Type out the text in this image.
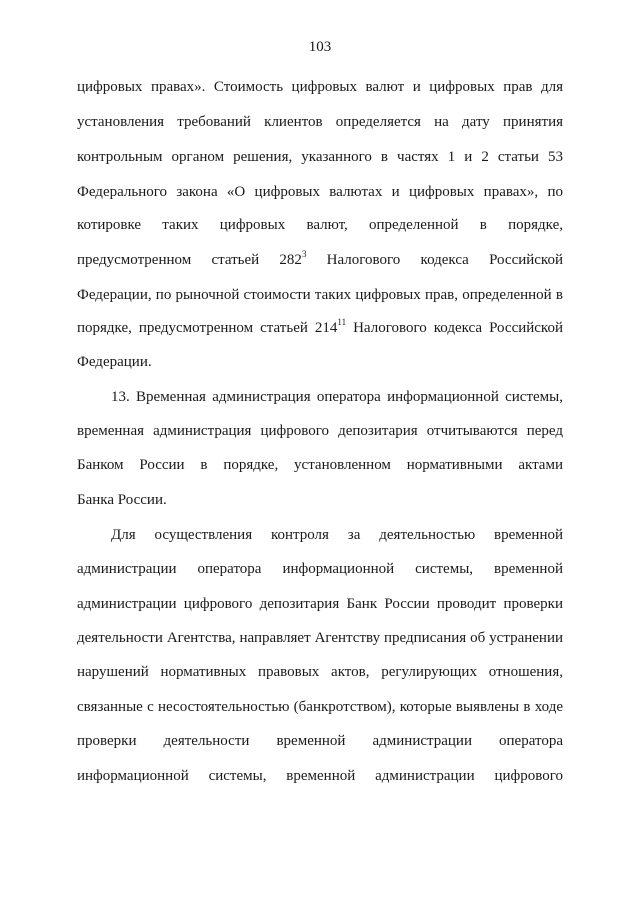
103
цифровых правах». Стоимость цифровых валют и цифровых прав для
установления требований клиентов определяется на дату принятия
контрольным органом решения, указанного в частях 1 и 2 статьи 53
Федерального закона «О цифровых валютах и цифровых правах», по
котировке таких цифровых валют, определенной в порядке,
предусмотренном статьей $282^3$ Налогового кодекса Российской
Федерации, по рыночной стоимости таких цифровых прав, определенной в
порядке, предусмотренном статьей $214^{11}$ Налогового кодекса Российской
Федерации.
13. Временная администрация оператора информационной системы,
временная администрация цифрового депозитария отчитываются перед
Банком России в порядке, установленном нормативными актами
Банка России.
Для осуществления контроля за деятельностью временной
администрации оператора информационной системы, временной
администрации цифрового депозитария Банк России проводит проверки
деятельности Агентства, направляет Агентству предписания об устранении
нарушений нормативных правовых актов, регулирующих отношения,
связанные с несостоятельностью (банкротством), которые выявлены в ходе
проверки деятельности временной администрации оператора
информационной системы, временной администрации цифрового
